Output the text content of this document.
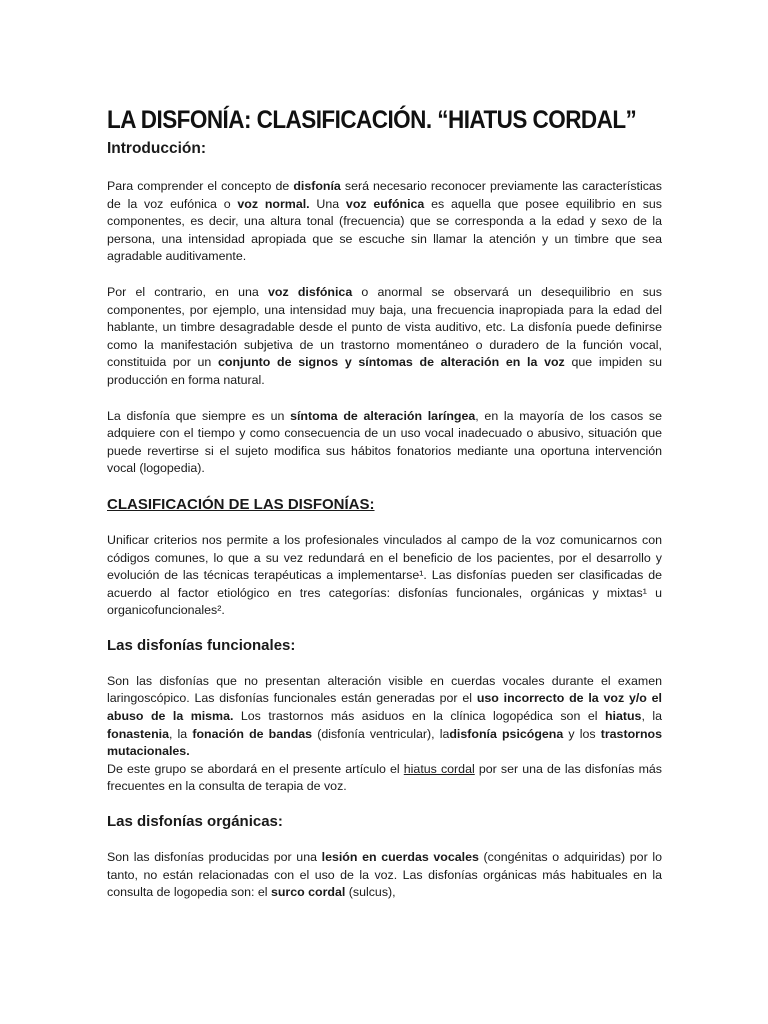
LA DISFONÍA: CLASIFICACIÓN. “HIATUS CORDAL”
Introducción:

Para comprender el concepto de disfonía será necesario reconocer previamente las características de la voz eufónica o voz normal. Una voz eufónica es aquella que posee equilibrio en sus componentes, es decir, una altura tonal (frecuencia) que se corresponda a la edad y sexo de la persona, una intensidad apropiada que se escuche sin llamar la atención y un timbre que sea agradable auditivamente.

Por el contrario, en una voz disfónica o anormal se observará un desequilibrio en sus componentes, por ejemplo, una intensidad muy baja, una frecuencia inapropiada para la edad del hablante, un timbre desagradable desde el punto de vista auditivo, etc. La disfonía puede definirse como la manifestación subjetiva de un trastorno momentáneo o duradero de la función vocal, constituida por un conjunto de signos y síntomas de alteración en la voz que impiden su producción en forma natural.

La disfonía que siempre es un síntoma de alteración laríngea, en la mayoría de los casos se adquiere con el tiempo y como consecuencia de un uso vocal inadecuado o abusivo, situación que puede revertirse si el sujeto modifica sus hábitos fonatorios mediante una oportuna intervención vocal (logopedia).

CLASIFICACIÓN DE LAS DISFONÍAS:

Unificar criterios nos permite a los profesionales vinculados al campo de la voz comunicarnos con códigos comunes, lo que a su vez redundará en el beneficio de los pacientes, por el desarrollo y evolución de las técnicas terapéuticas a implementarse¹. Las disfonías pueden ser clasificadas de acuerdo al factor etiológico en tres categorías: disfonías funcionales, orgánicas y mixtas¹ u organicofuncionales².

Las disfonías funcionales:

Son las disfonías que no presentan alteración visible en cuerdas vocales durante el examen laringoscópico. Las disfonías funcionales están generadas por el uso incorrecto de la voz y/o el abuso de la misma. Los trastornos más asiduos en la clínica logopédica son el hiatus, la fonastenia, la fonación de bandas (disfonía ventricular), ladisfonía psicógena y los trastornos mutacionales.

De este grupo se abordará en el presente artículo el hiatus cordal por ser una de las disfonías más frecuentes en la consulta de terapia de voz.

Las disfonías orgánicas:

Son las disfonías producidas por una lesión en cuerdas vocales (congénitas o adquiridas) por lo tanto, no están relacionadas con el uso de la voz. Las disfonías orgánicas más habituales en la consulta de logopedia son: el surco cordal (sulcus),
